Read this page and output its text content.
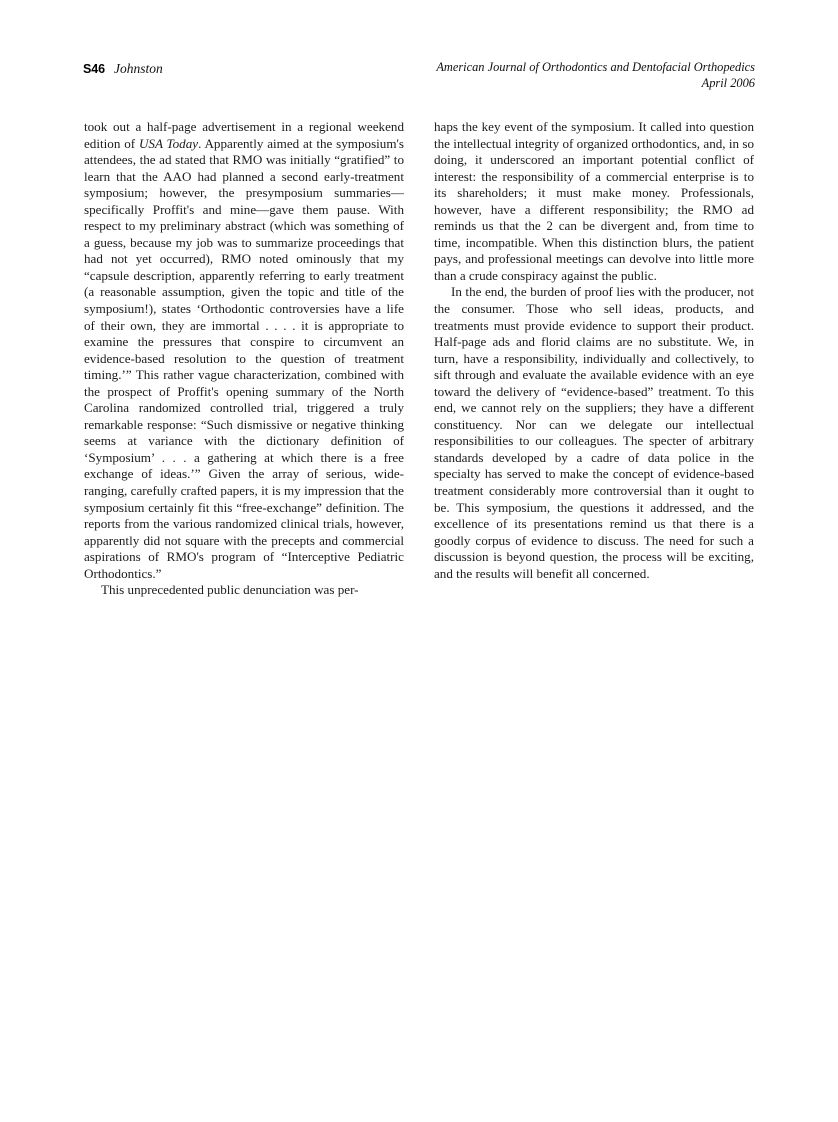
S46 Johnston	American Journal of Orthodontics and Dentofacial Orthopedics
April 2006

took out a half-page advertisement in a regional weekend edition of USA Today. Apparently aimed at the symposium's attendees, the ad stated that RMO was initially “gratified” to learn that the AAO had planned a second early-treatment symposium; however, the presymposium summaries—specifically Proffit's and mine—gave them pause. With respect to my preliminary abstract (which was something of a guess, because my job was to summarize proceedings that had not yet occurred), RMO noted ominously that my “capsule description, apparently referring to early treatment (a reasonable assumption, given the topic and title of the symposium!), states ‘Orthodontic controversies have a life of their own, they are immortal . . . . it is appropriate to examine the pressures that conspire to circumvent an evidence-based resolution to the question of treatment timing.’” This rather vague characterization, combined with the prospect of Proffit's opening summary of the North Carolina randomized controlled trial, triggered a truly remarkable response: “Such dismissive or negative thinking seems at variance with the dictionary definition of ‘Symposium’ . . . a gathering at which there is a free exchange of ideas.’” Given the array of serious, wide-ranging, carefully crafted papers, it is my impression that the symposium certainly fit this “free-exchange” definition. The reports from the various randomized clinical trials, however, apparently did not square with the precepts and commercial aspirations of RMO's program of “Interceptive Pediatric Orthodontics.”

This unprecedented public denunciation was per-

haps the key event of the symposium. It called into question the intellectual integrity of organized orthodontics, and, in so doing, it underscored an important potential conflict of interest: the responsibility of a commercial enterprise is to its shareholders; it must make money. Professionals, however, have a different responsibility; the RMO ad reminds us that the 2 can be divergent and, from time to time, incompatible. When this distinction blurs, the patient pays, and professional meetings can devolve into little more than a crude conspiracy against the public.

In the end, the burden of proof lies with the producer, not the consumer. Those who sell ideas, products, and treatments must provide evidence to support their product. Half-page ads and florid claims are no substitute. We, in turn, have a responsibility, individually and collectively, to sift through and evaluate the available evidence with an eye toward the delivery of “evidence-based” treatment. To this end, we cannot rely on the suppliers; they have a different constituency. Nor can we delegate our intellectual responsibilities to our colleagues. The specter of arbitrary standards developed by a cadre of data police in the specialty has served to make the concept of evidence-based treatment considerably more controversial than it ought to be. This symposium, the questions it addressed, and the excellence of its presentations remind us that there is a goodly corpus of evidence to discuss. The need for such a discussion is beyond question, the process will be exciting, and the results will benefit all concerned.
